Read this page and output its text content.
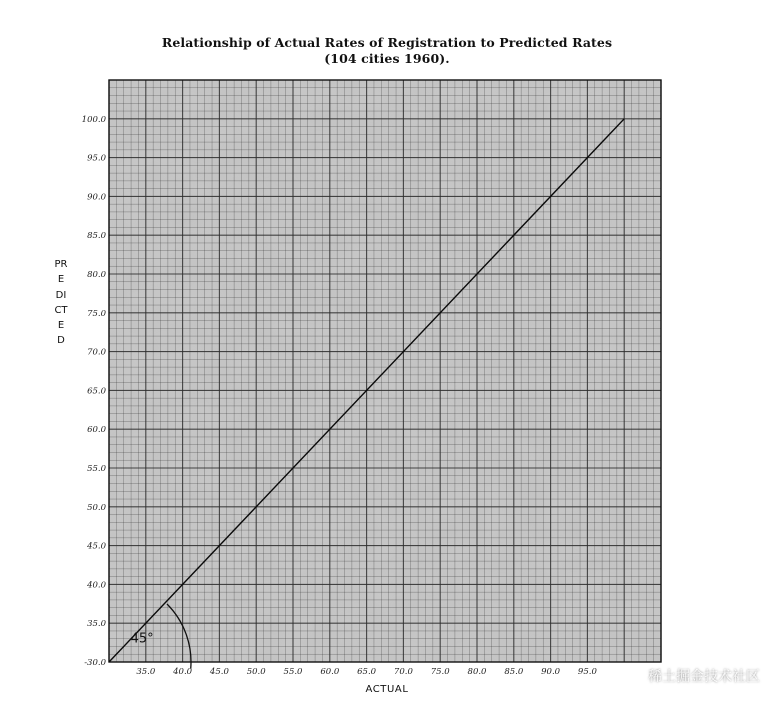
Relationship of Actual Rates of Registration to Predicted Rates
(104 cities 1960).
PREDICTED
45°
35.0 40.0 45.0 50.0 55.0 60.0 65.0 70.0 75.0 80.0 85.0 90.0 95.0
-30.0
35.0
40.0
45.0
50.0
55.0
60.0
65.0
70.0
75.0
80.0
85.0
90.0
95.0
100.0
ACTUAL
稀土掘金技术社区
